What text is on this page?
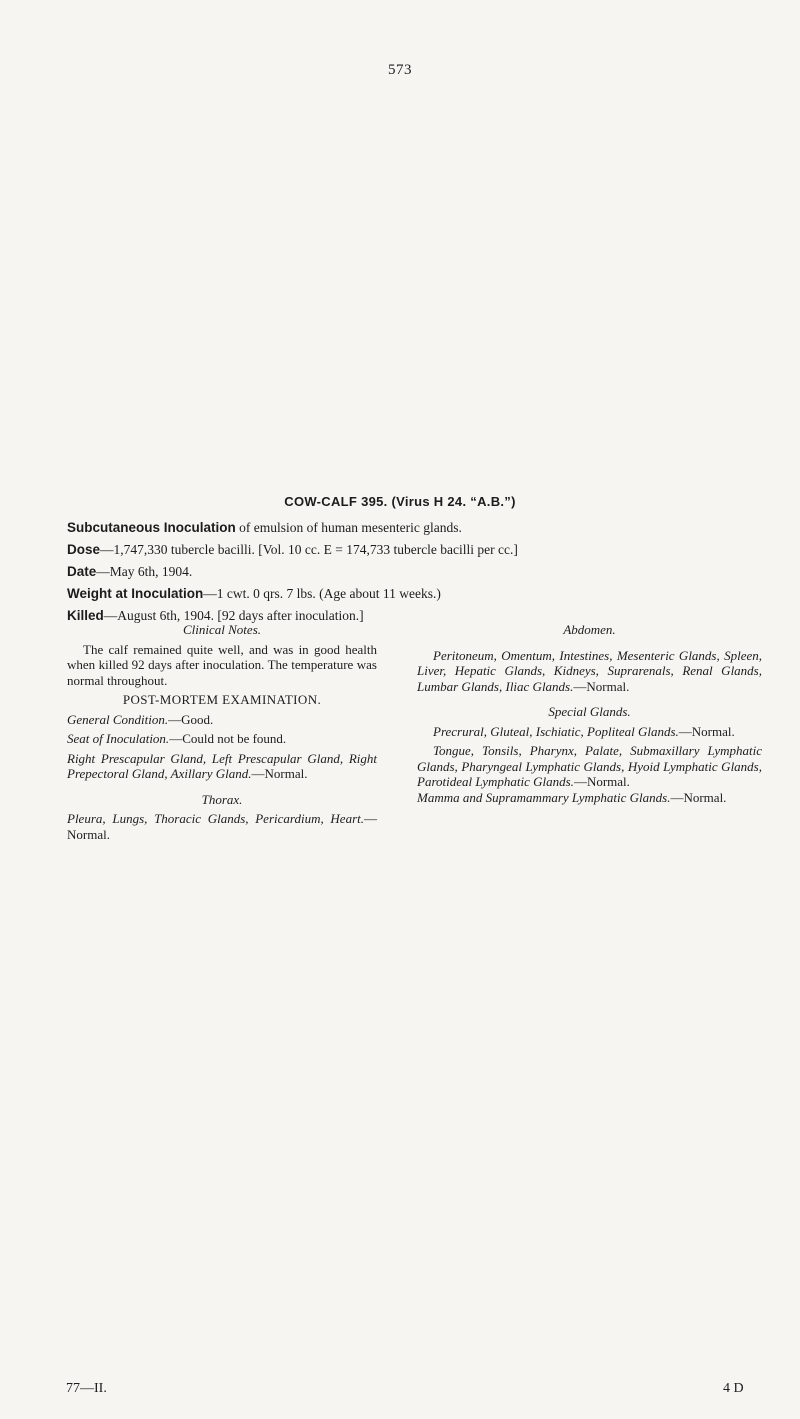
573
COW-CALF 395. (Virus H 24. “A.B.”)
Subcutaneous Inoculation of emulsion of human mesenteric glands.
Dose—1,747,330 tubercle bacilli. [Vol. 10 cc. E = 174,733 tubercle bacilli per cc.]
Date—May 6th, 1904.
Weight at Inoculation—1 cwt. 0 qrs. 7 lbs. (Age about 11 weeks.)
Killed—August 6th, 1904. [92 days after inoculation.]
Clinical Notes.
The calf remained quite well, and was in good health when killed 92 days after inoculation. The temperature was normal throughout.
POST-MORTEM EXAMINATION.
General Condition.—Good.
Seat of Inoculation.—Could not be found.
Right Prescapular Gland, Left Prescapular Gland, Right Prepectoral Gland, Axillary Gland.—Normal.
Thorax.
Pleura, Lungs, Thoracic Glands, Pericardium, Heart.— Normal.
Abdomen.
Peritoneum, Omentum, Intestines, Mesenteric Glands, Spleen, Liver, Hepatic Glands, Kidneys, Suprarenals, Renal Glands, Lumbar Glands, Iliac Glands.—Normal.
Special Glands.
Precrural, Gluteal, Ischiatic, Popliteal Glands.—Normal.
Tongue, Tonsils, Pharynx, Palate, Submaxillary Lymphatic Glands, Pharyngeal Lymphatic Glands, Hyoid Lymphatic Glands, Parotideal Lymphatic Glands.—Normal.
Mamma and Supramammary Lymphatic Glands.—Normal.
77—II.	4 D
